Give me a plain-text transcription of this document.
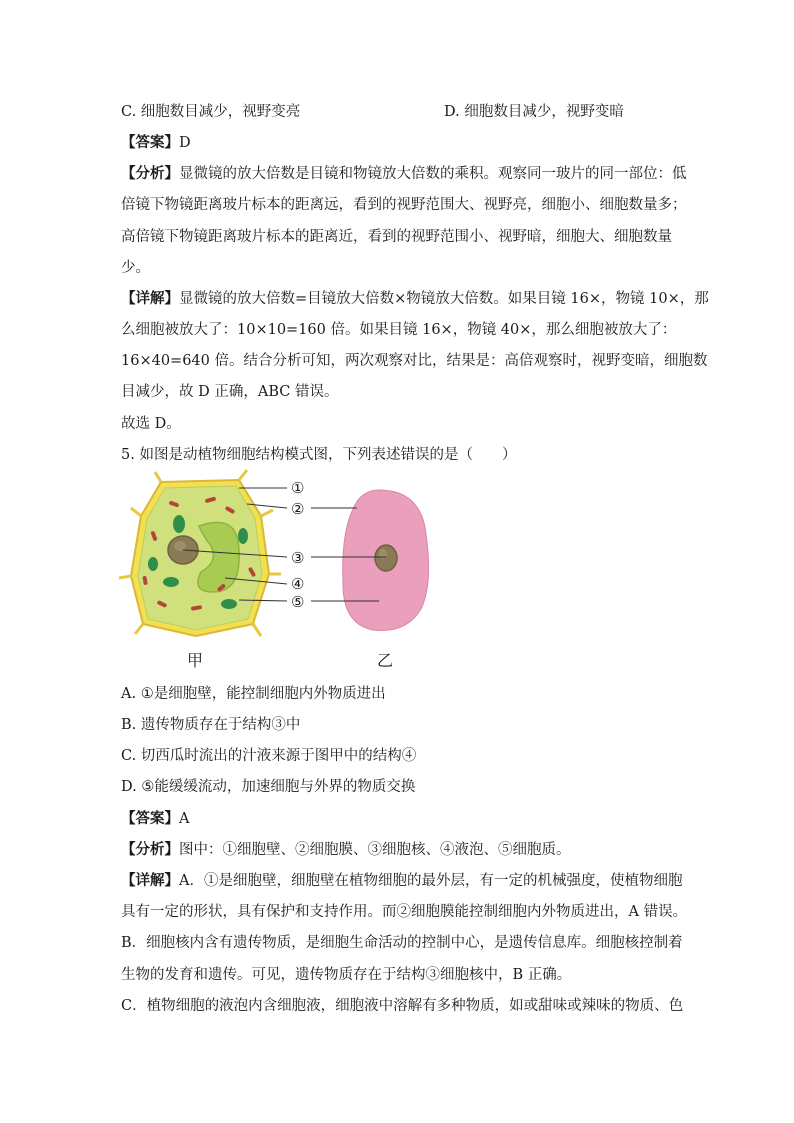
C. 细胞数目减少，视野变亮	D. 细胞数目减少，视野变暗
【答案】D
【分析】显微镜的放大倍数是目镜和物镜放大倍数的乘积。观察同一玻片的同一部位：低
倍镜下物镜距离玻片标本的距离远，看到的视野范围大、视野亮，细胞小、细胞数量多；
高倍镜下物镜距离玻片标本的距离近，看到的视野范围小、视野暗，细胞大、细胞数量
少。
【详解】显微镜的放大倍数=目镜放大倍数×物镜放大倍数。如果目镜 16×，物镜 10×，那
么细胞被放大了：10×10=160 倍。如果目镜 16×，物镜 40×，那么细胞被放大了：
16×40=640 倍。结合分析可知，两次观察对比，结果是：高倍观察时，视野变暗，细胞数
目减少，故 D 正确，ABC 错误。
故选 D。
5. 如图是动植物细胞结构模式图，下列表述错误的是（　　）
①
②
③
④
⑤
甲	乙
A. ①是细胞壁，能控制细胞内外物质进出
B. 遗传物质存在于结构③中
C. 切西瓜时流出的汁液来源于图甲中的结构④
D. ⑤能缓缓流动，加速细胞与外界的物质交换
【答案】A
【分析】图中：①细胞壁、②细胞膜、③细胞核、④液泡、⑤细胞质。
【详解】A．①是细胞壁，细胞壁在植物细胞的最外层，有一定的机械强度，使植物细胞
具有一定的形状，具有保护和支持作用。而②细胞膜能控制细胞内外物质进出，A 错误。
B．细胞核内含有遗传物质，是细胞生命活动的控制中心，是遗传信息库。细胞核控制着
生物的发育和遗传。可见，遗传物质存在于结构③细胞核中，B 正确。
C．植物细胞的液泡内含细胞液，细胞液中溶解有多种物质，如或甜味或辣味的物质、色
